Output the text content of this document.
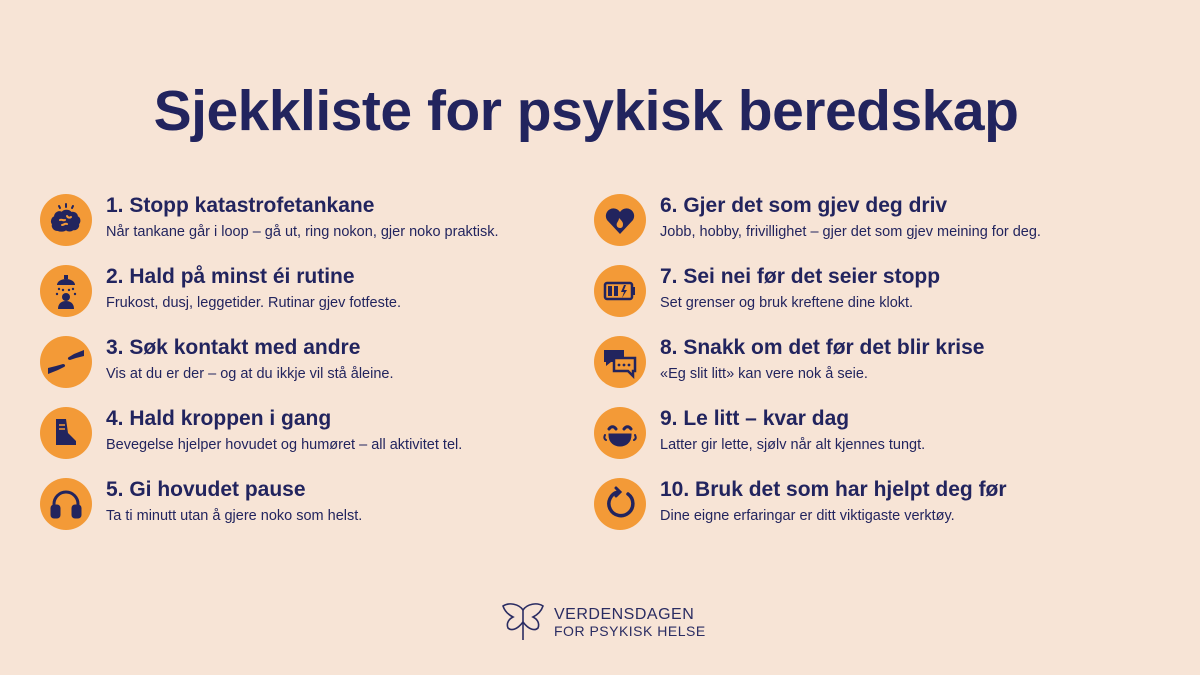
Sjekkliste for psykisk beredskap
1. Stopp katastrofetankane
Når tankane går i loop – gå ut, ring nokon, gjer noko praktisk.
2. Hald på minst éi rutine
Frukost, dusj, leggetider. Rutinar gjev fotfeste.
3. Søk kontakt med andre
Vis at du er der – og at du ikkje vil stå åleine.
4. Hald kroppen i gang
Bevegelse hjelper hovudet og humøret – all aktivitet tel.
5. Gi hovudet pause
Ta ti minutt utan å gjere noko som helst.
6. Gjer det som gjev deg driv
Jobb, hobby, frivillighet – gjer det som gjev meining for deg.
7. Sei nei før det seier stopp
Set grenser og bruk kreftene dine klokt.
8. Snakk om det før det blir krise
«Eg slit litt» kan vere nok å seie.
9. Le litt – kvar dag
Latter gir lette, sjølv når alt kjennes tungt.
10. Bruk det som har hjelpt deg før
Dine eigne erfaringar er ditt viktigaste verktøy.
VERDENSDAGEN
FOR PSYKISK HELSE
